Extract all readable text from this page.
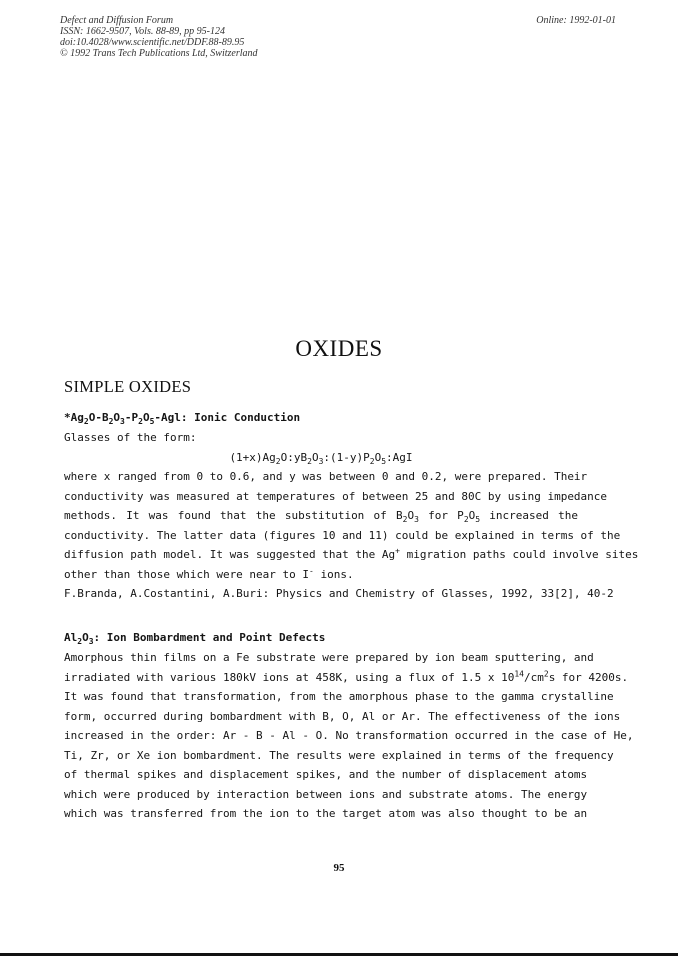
Defect and Diffusion Forum
ISSN: 1662-9507, Vols. 88-89, pp 95-124
doi:10.4028/www.scientific.net/DDF.88-89.95
© 1992 Trans Tech Publications Ltd, Switzerland
Online: 1992-01-01
OXIDES
SIMPLE OXIDES
$*Ag_2O-B_2O_3-P_2O_5$-Agl: Ionic Conduction
Glasses of the form:
$(1+x)Ag_2O:yB_2O_3:(1-y)P_2O_5:AgI$
where x ranged from 0 to 0.6, and y was between 0 and 0.2, were prepared. Their
conductivity was measured at temperatures of between 25 and 80C by using impedance
methods. It was found that the substitution of $B_2O_3$ for $P_2O_5$ increased the
conductivity. The latter data (figures 10 and 11) could be explained in terms of the
diffusion path model. It was suggested that the Ag+ migration paths could involve sites
other than those which were near to I- ions.
F.Branda, A.Costantini, A.Buri: Physics and Chemistry of Glasses, 1992, 33[2], 40-2
$Al_2O_3$: Ion Bombardment and Point Defects
Amorphous thin films on a Fe substrate were prepared by ion beam sputtering, and
irradiated with various 180kV ions at 458K, using a flux of 1.5 x $10^{14}/cm^2s$ for 4200s.
It was found that transformation, from the amorphous phase to the gamma crystalline
form, occurred during bombardment with B, O, Al or Ar. The effectiveness of the ions
increased in the order: Ar - B - Al - O. No transformation occurred in the case of He,
Ti, Zr, or Xe ion bombardment. The results were explained in terms of the frequency
of thermal spikes and displacement spikes, and the number of displacement atoms
which were produced by interaction between ions and substrate atoms. The energy
which was transferred from the ion to the target atom was also thought to be an
95
